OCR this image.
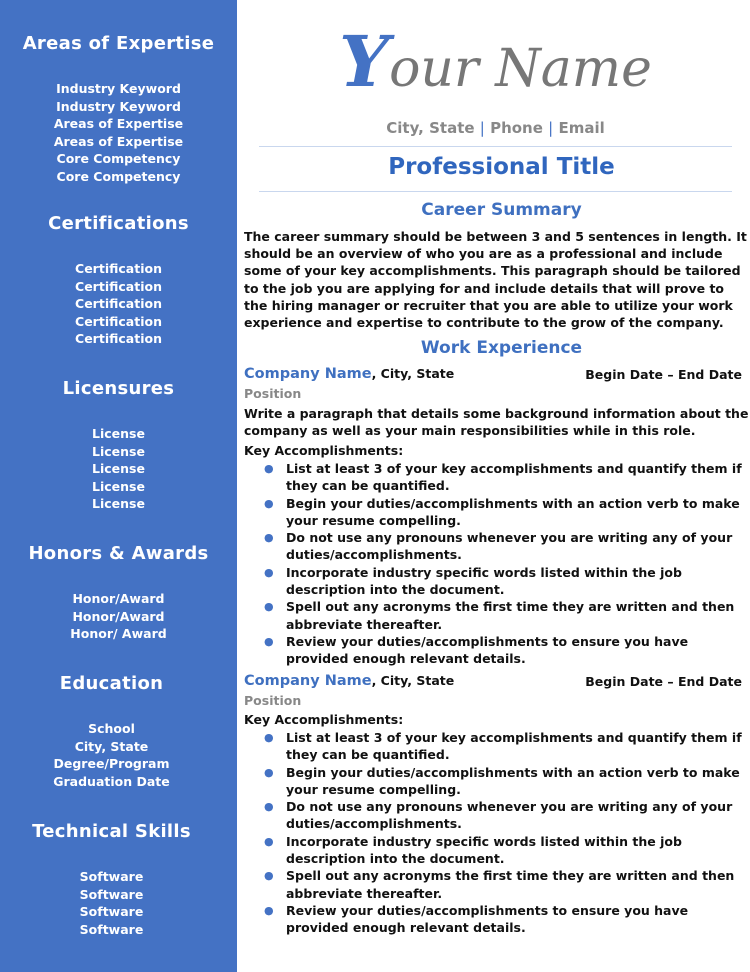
Areas of Expertise
Industry Keyword
Industry Keyword
Areas of Expertise
Areas of Expertise
Core Competency
Core Competency
Certifications
Certification
Certification
Certification
Certification
Certification
Licensures
License
License
License
License
License
Honors & Awards
Honor/Award
Honor/Award
Honor/ Award
Education
School
City, State
Degree/Program
Graduation Date
Technical Skills
Software
Software
Software
Software
Your Name
City, State | Phone | Email
Professional Title
Career Summary

The career summary should be between 3 and 5 sentences in length. It should be an overview of who you are as a professional and include some of your key accomplishments. This paragraph should be tailored to the job you are applying for and include details that will prove to the hiring manager or recruiter that you are able to utilize your work experience and expertise to contribute to the grow of the company.

Work Experience
Company Name, City, State	Begin Date – End Date
Position

Write a paragraph that details some background information about the company as well as your main responsibilities while in this role.

Key Accomplishments:
● List at least 3 of your key accomplishments and quantify them if they can be quantified.
● Begin your duties/accomplishments with an action verb to make your resume compelling.
● Do not use any pronouns whenever you are writing any of your duties/accomplishments.
● Incorporate industry specific words listed within the job description into the document.
● Spell out any acronyms the first time they are written and then abbreviate thereafter.
● Review your duties/accomplishments to ensure you have provided enough relevant details.
Company Name, City, State	Begin Date – End Date
Position
Key Accomplishments:
● List at least 3 of your key accomplishments and quantify them if they can be quantified.
● Begin your duties/accomplishments with an action verb to make your resume compelling.
● Do not use any pronouns whenever you are writing any of your duties/accomplishments.
● Incorporate industry specific words listed within the job description into the document.
● Spell out any acronyms the first time they are written and then abbreviate thereafter.
● Review your duties/accomplishments to ensure you have provided enough relevant details.
